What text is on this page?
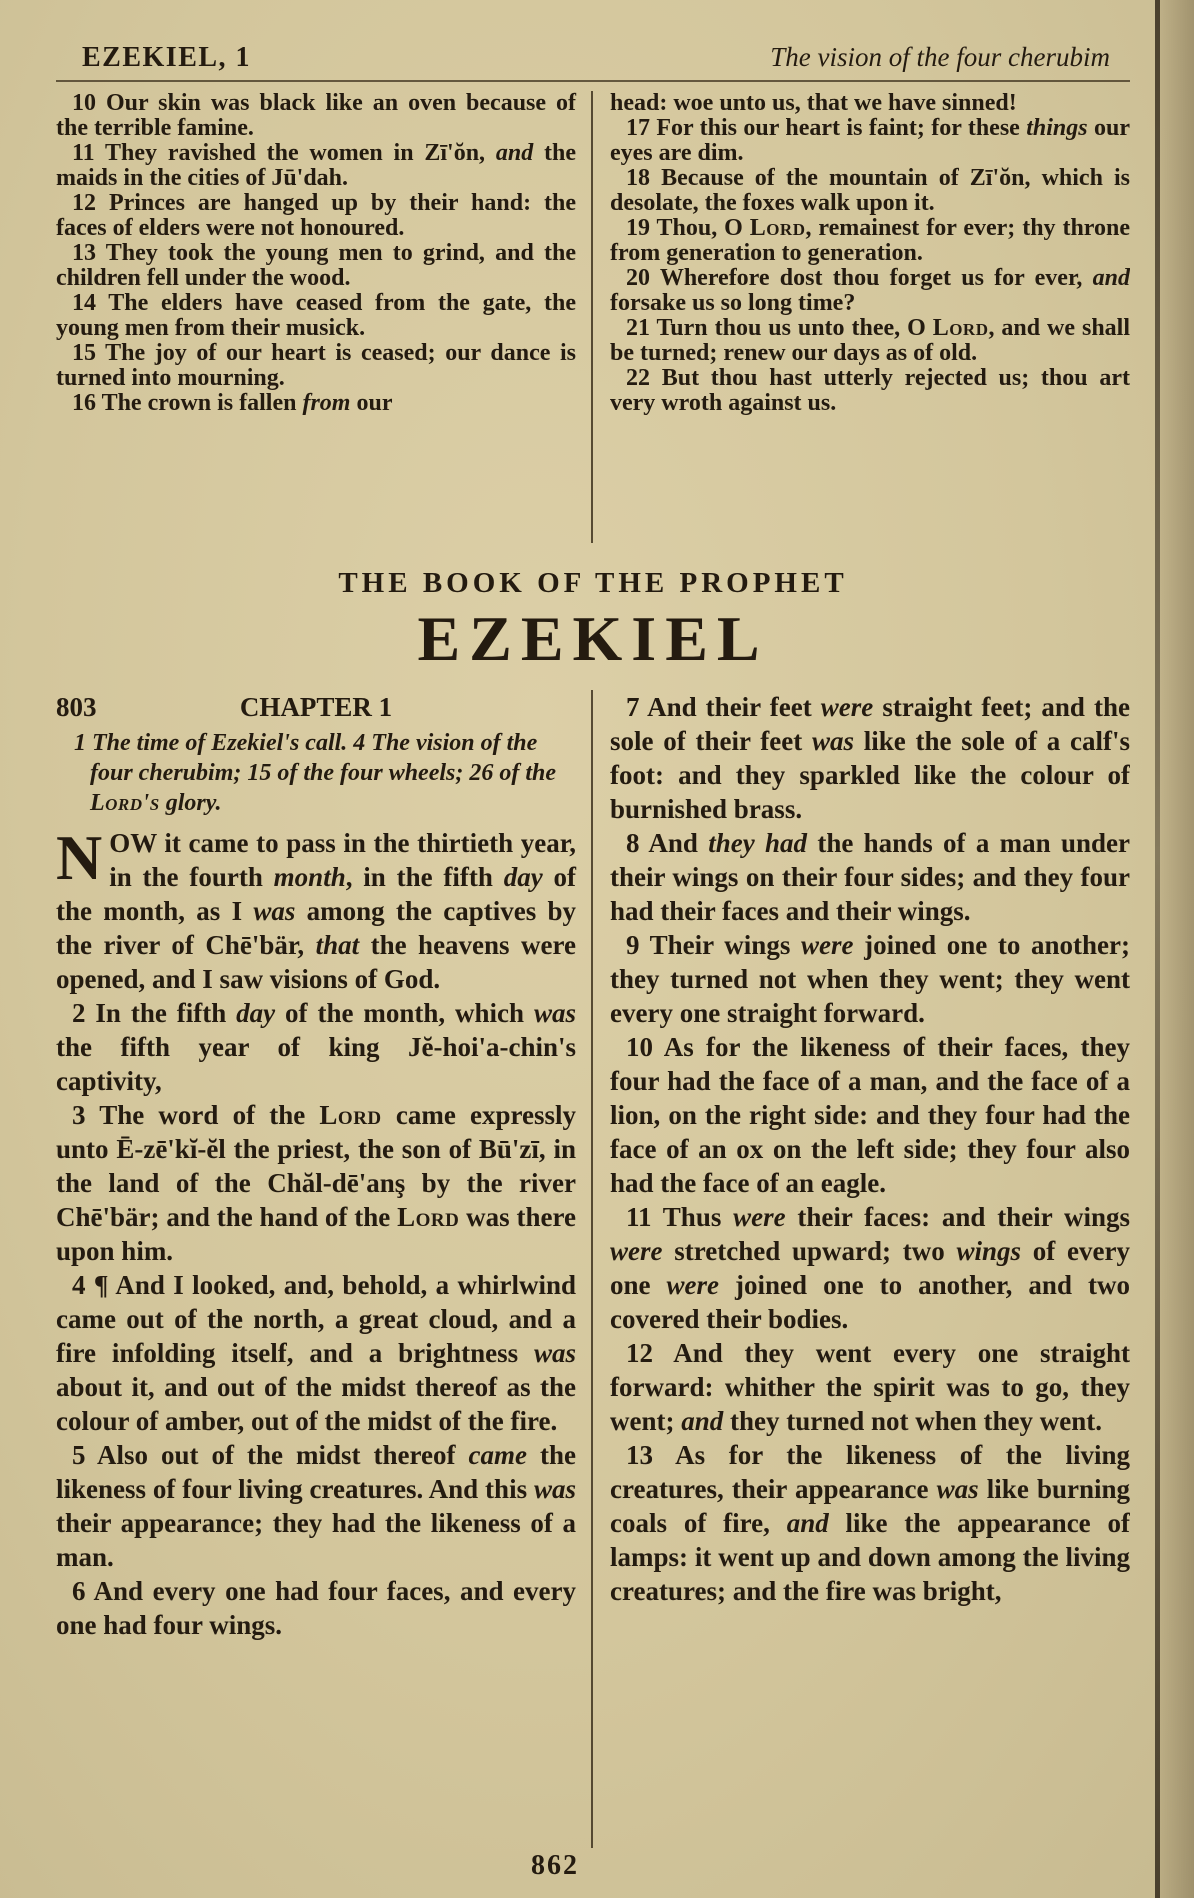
EZEKIEL, 1	The vision of the four cherubim

10 Our skin was black like an oven because of the terrible famine.

11 They ravished the women in Zī'ŏn, and the maids in the cities of Jū'dah.

12 Princes are hanged up by their hand: the faces of elders were not honoured.

13 They took the young men to grind, and the children fell under the wood.

14 The elders have ceased from the gate, the young men from their musick.

15 The joy of our heart is ceased; our dance is turned into mourning.

16 The crown is fallen from our

head: woe unto us, that we have sinned!

17 For this our heart is faint; for these things our eyes are dim.

18 Because of the mountain of Zī'ŏn, which is desolate, the foxes walk upon it.

19 Thou, O Lord, remainest for ever; thy throne from generation to generation.

20 Wherefore dost thou forget us for ever, and forsake us so long time?

21 Turn thou us unto thee, O Lord, and we shall be turned; renew our days as of old.

22 But thou hast utterly rejected us; thou art very wroth against us.

THE BOOK OF THE PROPHET
EZEKIEL
803	CHAPTER 1

1 The time of Ezekiel's call. 4 The vision of the four cherubim; 15 of the four wheels; 26 of the Lord's glory.

NOW it came to pass in the thirtieth year, in the fourth month, in the fifth day of the month, as I was among the captives by the river of Chē'bär, that the heavens were opened, and I saw visions of God.

2 In the fifth day of the month, which was the fifth year of king Jĕ-hoi'a-chin's captivity,

3 The word of the Lord came expressly unto Ē-zē'kĭ-ĕl the priest, the son of Bū'zī, in the land of the Chăl-dē'anş by the river Chē'bär; and the hand of the Lord was there upon him.

4 ¶ And I looked, and, behold, a whirlwind came out of the north, a great cloud, and a fire infolding itself, and a brightness was about it, and out of the midst thereof as the colour of amber, out of the midst of the fire.

5 Also out of the midst thereof came the likeness of four living creatures. And this was their appearance; they had the likeness of a man.

6 And every one had four faces, and every one had four wings.

7 And their feet were straight feet; and the sole of their feet was like the sole of a calf's foot: and they sparkled like the colour of burnished brass.

8 And they had the hands of a man under their wings on their four sides; and they four had their faces and their wings.

9 Their wings were joined one to another; they turned not when they went; they went every one straight forward.

10 As for the likeness of their faces, they four had the face of a man, and the face of a lion, on the right side: and they four had the face of an ox on the left side; they four also had the face of an eagle.

11 Thus were their faces: and their wings were stretched upward; two wings of every one were joined one to another, and two covered their bodies.

12 And they went every one straight forward: whither the spirit was to go, they went; and they turned not when they went.

13 As for the likeness of the living creatures, their appearance was like burning coals of fire, and like the appearance of lamps: it went up and down among the living creatures; and the fire was bright,

862
